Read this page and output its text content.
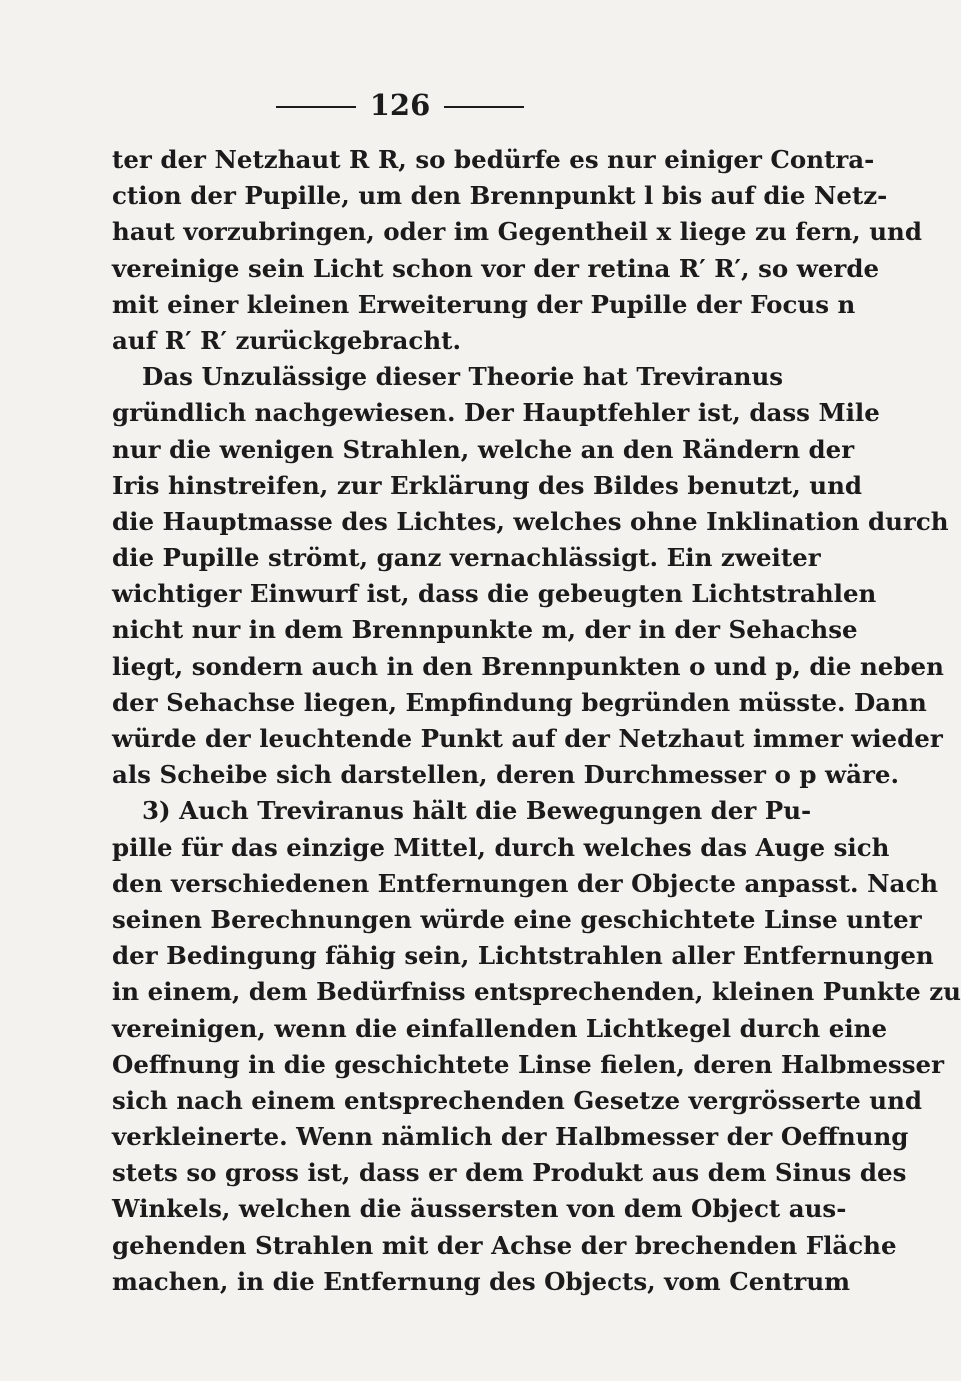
126
ter der Netzhaut R R, so bedürfe es nur einiger Contra-
ction der Pupille, um den Brennpunkt l bis auf die Netz-
haut vorzubringen, oder im Gegentheil x liege zu fern, und
vereinige sein Licht schon vor der retina R′ R′, so werde
mit einer kleinen Erweiterung der Pupille der Focus n
auf R′ R′ zurückgebracht.
Das Unzulässige dieser Theorie hat Treviranus
gründlich nachgewiesen. Der Hauptfehler ist, dass Mile
nur die wenigen Strahlen, welche an den Rändern der
Iris hinstreifen, zur Erklärung des Bildes benutzt, und
die Hauptmasse des Lichtes, welches ohne Inklination durch
die Pupille strömt, ganz vernachlässigt. Ein zweiter
wichtiger Einwurf ist, dass die gebeugten Lichtstrahlen
nicht nur in dem Brennpunkte m, der in der Sehachse
liegt, sondern auch in den Brennpunkten o und p, die neben
der Sehachse liegen, Empfindung begründen müsste. Dann
würde der leuchtende Punkt auf der Netzhaut immer wieder
als Scheibe sich darstellen, deren Durchmesser o p wäre.
3) Auch Treviranus hält die Bewegungen der Pu-
pille für das einzige Mittel, durch welches das Auge sich
den verschiedenen Entfernungen der Objecte anpasst. Nach
seinen Berechnungen würde eine geschichtete Linse unter
der Bedingung fähig sein, Lichtstrahlen aller Entfernungen
in einem, dem Bedürfniss entsprechenden, kleinen Punkte zu
vereinigen, wenn die einfallenden Lichtkegel durch eine
Oeffnung in die geschichtete Linse fielen, deren Halbmesser
sich nach einem entsprechenden Gesetze vergrösserte und
verkleinerte. Wenn nämlich der Halbmesser der Oeffnung
stets so gross ist, dass er dem Produkt aus dem Sinus des
Winkels, welchen die äussersten von dem Object aus-
gehenden Strahlen mit der Achse der brechenden Fläche
machen, in die Entfernung des Objects, vom Centrum
